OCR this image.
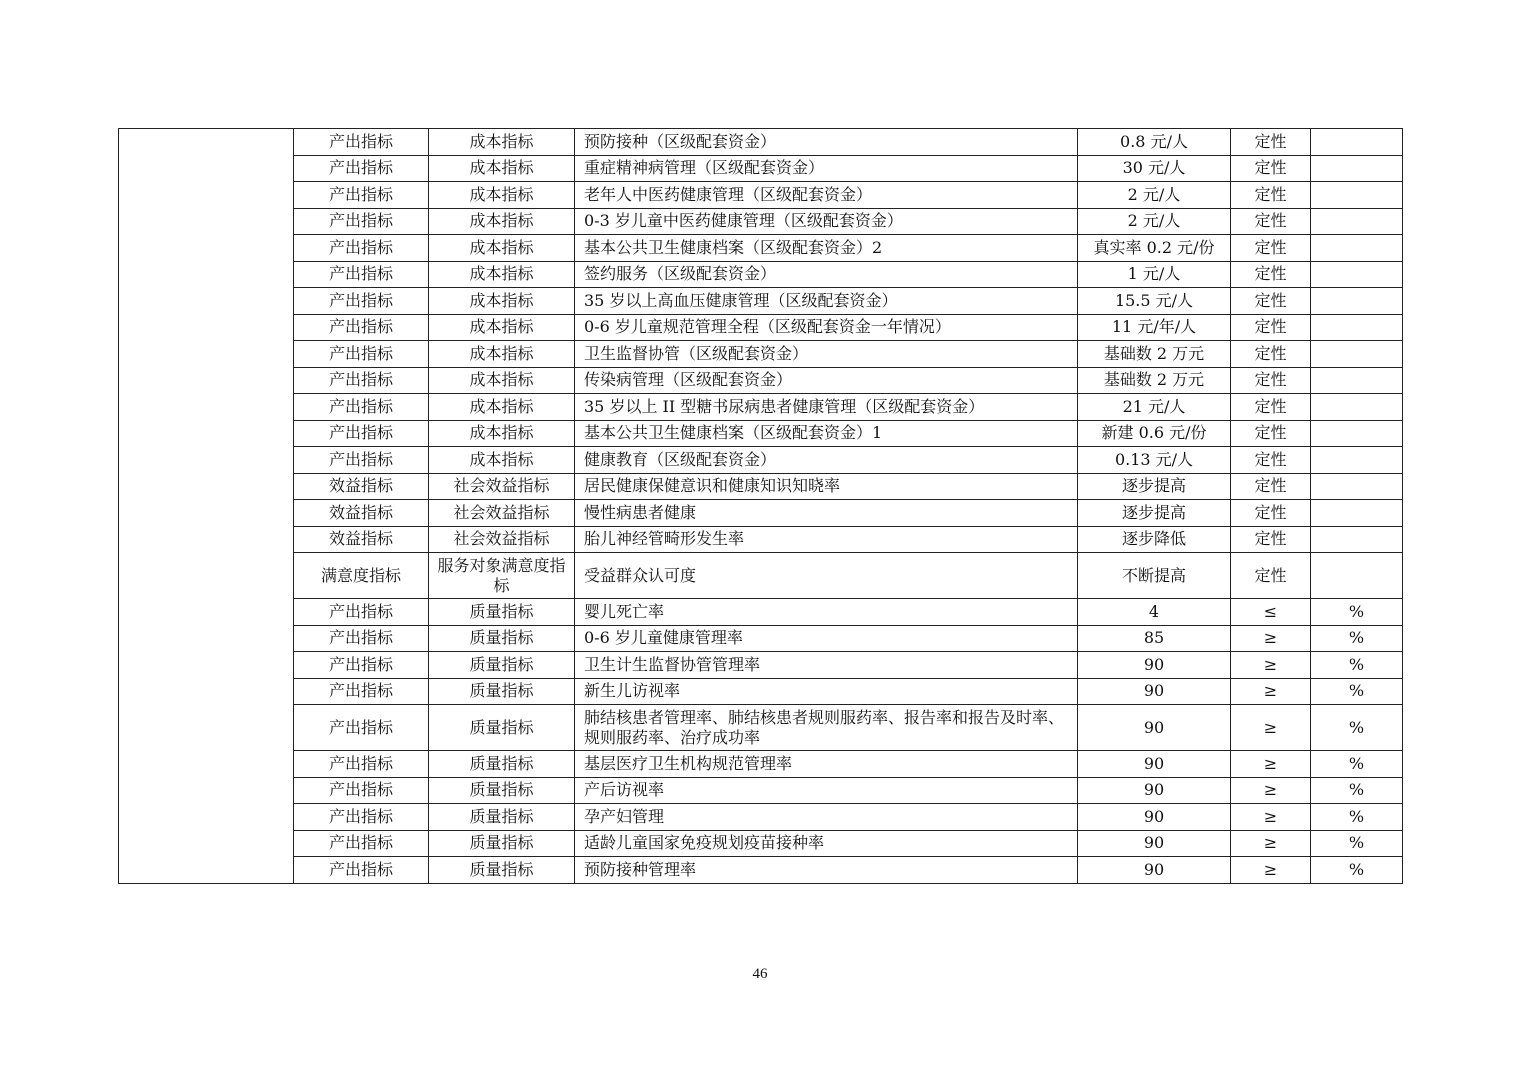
	产出指标	成本指标	预防接种（区级配套资金）	0.8 元/人	定性	
	产出指标	成本指标	重症精神病管理（区级配套资金）	30 元/人	定性	
	产出指标	成本指标	老年人中医药健康管理（区级配套资金）	2 元/人	定性	
	产出指标	成本指标	0-3 岁儿童中医药健康管理（区级配套资金）	2 元/人	定性	
	产出指标	成本指标	基本公共卫生健康档案（区级配套资金）2	真实率 0.2 元/份	定性	
	产出指标	成本指标	签约服务（区级配套资金）	1 元/人	定性	
	产出指标	成本指标	35 岁以上高血压健康管理（区级配套资金）	15.5 元/人	定性	
	产出指标	成本指标	0-6 岁儿童规范管理全程（区级配套资金一年情况）	11 元/年/人	定性	
	产出指标	成本指标	卫生监督协管（区级配套资金）	基础数 2 万元	定性	
	产出指标	成本指标	传染病管理（区级配套资金）	基础数 2 万元	定性	
	产出指标	成本指标	35 岁以上 II 型糖书尿病患者健康管理（区级配套资金）	21 元/人	定性	
	产出指标	成本指标	基本公共卫生健康档案（区级配套资金）1	新建 0.6 元/份	定性	
	产出指标	成本指标	健康教育（区级配套资金）	0.13 元/人	定性	
	效益指标	社会效益指标	居民健康保健意识和健康知识知晓率	逐步提高	定性	
	效益指标	社会效益指标	慢性病患者健康	逐步提高	定性	
	效益指标	社会效益指标	胎儿神经管畸形发生率	逐步降低	定性	
	满意度指标	服务对象满意度指标	受益群众认可度	不断提高	定性	
	产出指标	质量指标	婴儿死亡率	4	≤	%
	产出指标	质量指标	0-6 岁儿童健康管理率	85	≥	%
	产出指标	质量指标	卫生计生监督协管管理率	90	≥	%
	产出指标	质量指标	新生儿访视率	90	≥	%
	产出指标	质量指标	肺结核患者管理率、肺结核患者规则服药率、报告率和报告及时率、规则服药率、治疗成功率	90	≥	%
	产出指标	质量指标	基层医疗卫生机构规范管理率	90	≥	%
	产出指标	质量指标	产后访视率	90	≥	%
	产出指标	质量指标	孕产妇管理	90	≥	%
	产出指标	质量指标	适龄儿童国家免疫规划疫苗接种率	90	≥	%
	产出指标	质量指标	预防接种管理率	90	≥	%
46
